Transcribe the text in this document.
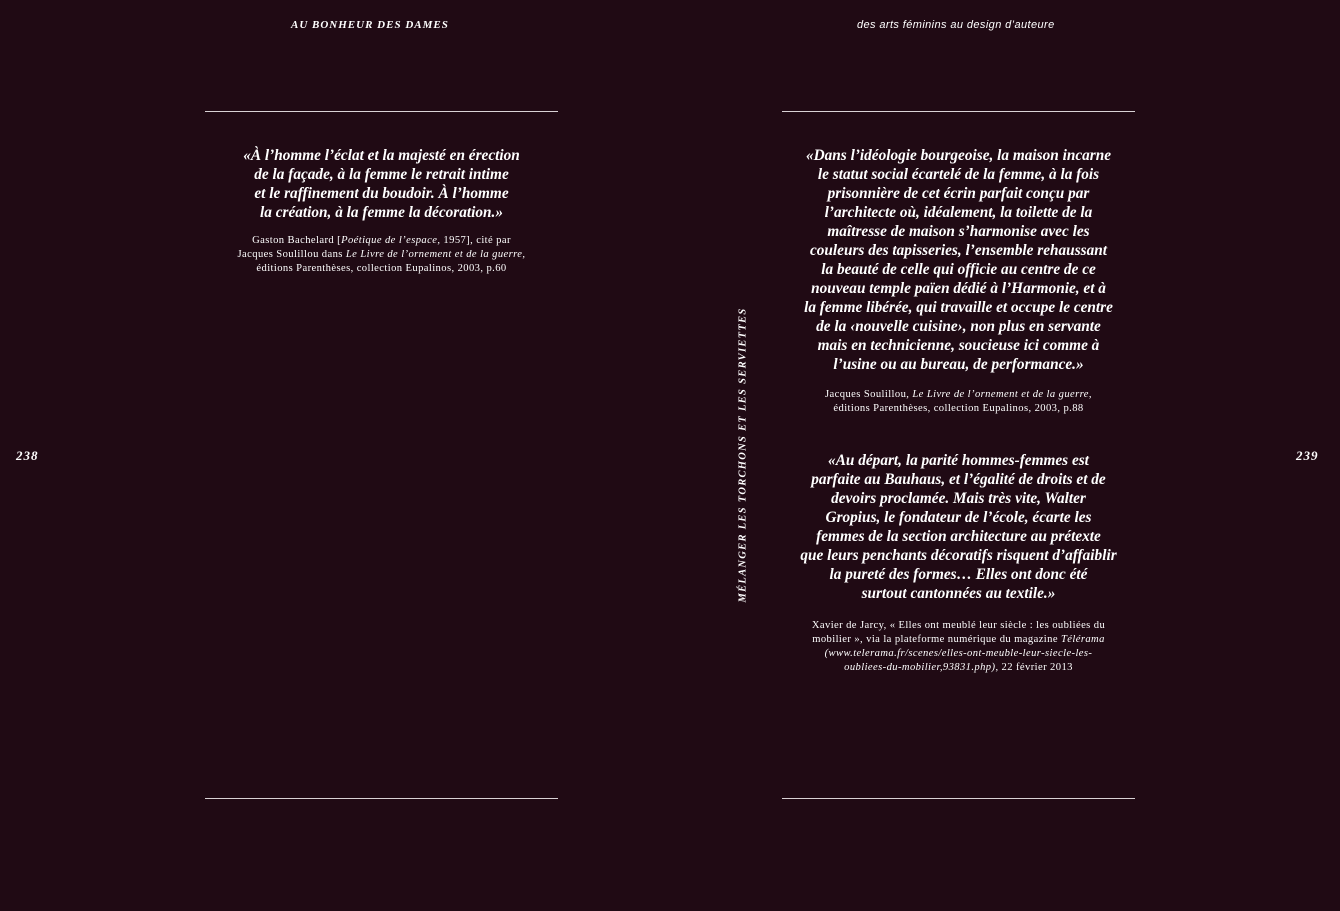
AU BONHEUR DES DAMES

«À l’homme l’éclat et la majesté en érection
de la façade, à la femme le retrait intime
et le raffinement du boudoir. À l’homme
la création, à la femme la décoration.»

Gaston Bachelard [Poétique de l’espace, 1957], cité par
Jacques Soulillou dans Le Livre de l’ornement et de la guerre,
éditions Parenthèses, collection Eupalinos, 2003, p.60

238
des arts féminins au design d’auteure

«Dans l’idéologie bourgeoise, la maison incarne
le statut social écartelé de la femme, à la fois
prisonnière de cet écrin parfait conçu par
l’architecte où, idéalement, la toilette de la
maîtresse de maison s’harmonise avec les
couleurs des tapisseries, l’ensemble rehaussant
la beauté de celle qui officie au centre de ce
nouveau temple païen dédié à l’Harmonie, et à
la femme libérée, qui travaille et occupe le centre
de la ‹nouvelle cuisine›, non plus en servante
mais en technicienne, soucieuse ici comme à
l’usine ou au bureau, de performance.»

Jacques Soulillou, Le Livre de l’ornement et de la guerre,
éditions Parenthèses, collection Eupalinos, 2003, p.88

«Au départ, la parité hommes-femmes est
parfaite au Bauhaus, et l’égalité de droits et de
devoirs proclamée. Mais très vite, Walter
Gropius, le fondateur de l’école, écarte les
femmes de la section architecture au prétexte
que leurs penchants décoratifs risquent d’affaiblir
la pureté des formes… Elles ont donc été
surtout cantonnées au textile.»

Xavier de Jarcy, « Elles ont meublé leur siècle : les oubliées du
mobilier », via la plateforme numérique du magazine Télérama
(www.telerama.fr/scenes/elles-ont-meuble-leur-siecle-les-
oubliees-du-mobilier,93831.php), 22 février 2013

239
MÉLANGER LES TORCHONS ET LES SERVIETTES
